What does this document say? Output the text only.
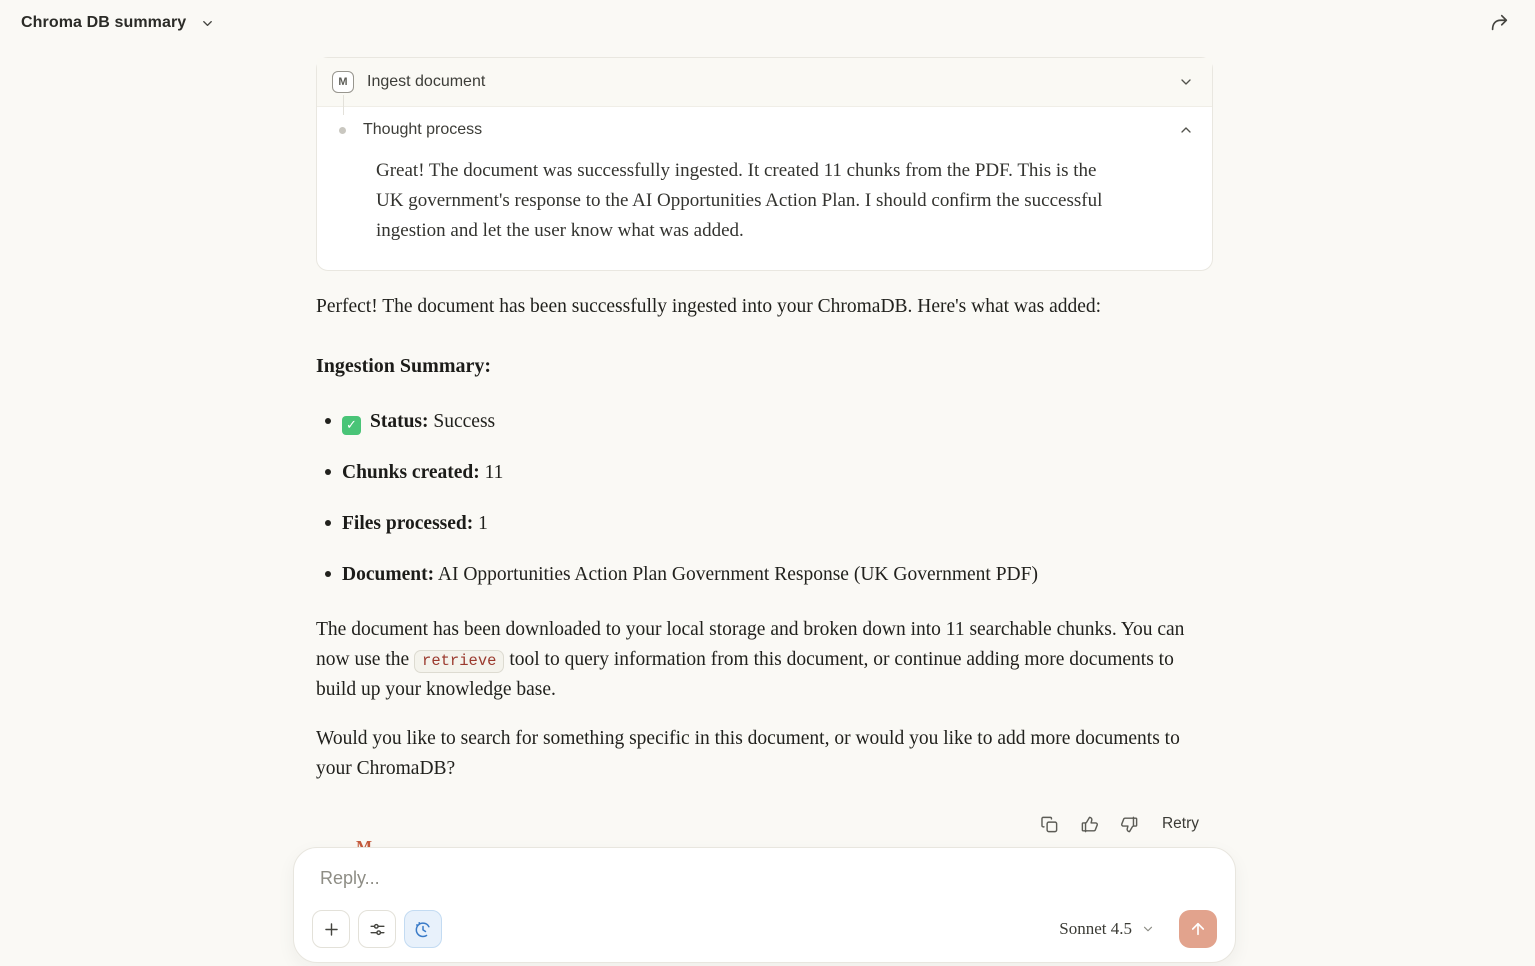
Chroma DB summary
M	Ingest document
Thought process
Great! The document was successfully ingested. It created 11 chunks from the PDF. This is the UK government's response to the AI Opportunities Action Plan. I should confirm the successful ingestion and let the user know what was added.

Perfect! The document has been successfully ingested into your ChromaDB. Here's what was added:

Ingestion Summary:
✓ Status: Success
Chunks created: 11
Files processed: 1
Document: AI Opportunities Action Plan Government Response (UK Government PDF)

The document has been downloaded to your local storage and broken down into 11 searchable chunks. You can now use the retrieve tool to query information from this document, or continue adding more documents to build up your knowledge base.

Would you like to search for something specific in this document, or would you like to add more documents to your ChromaDB?

Retry
Reply...
Sonnet 4.5
